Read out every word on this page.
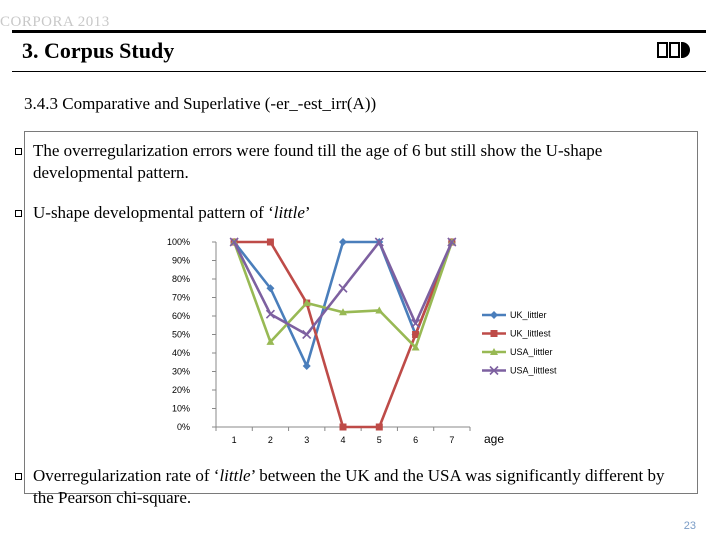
CORPORA 2013
3. Corpus Study
3.4.3 Comparative and Superlative (-er_-est_irr(A))
The overregularization errors were found till the age of 6 but still show the U-shape developmental pattern.
U-shape developmental pattern of ‘little’
0%
10%
20%
30%
40%
50%
60%
70%
80%
90%
100%
1	2	3	4	5	6	7 age
UK_littler
UK_littlest
USA_littler
USA_littlest
Overregularization rate of ‘little’ between the UK and the USA was significantly different by the Pearson chi-square.
23
